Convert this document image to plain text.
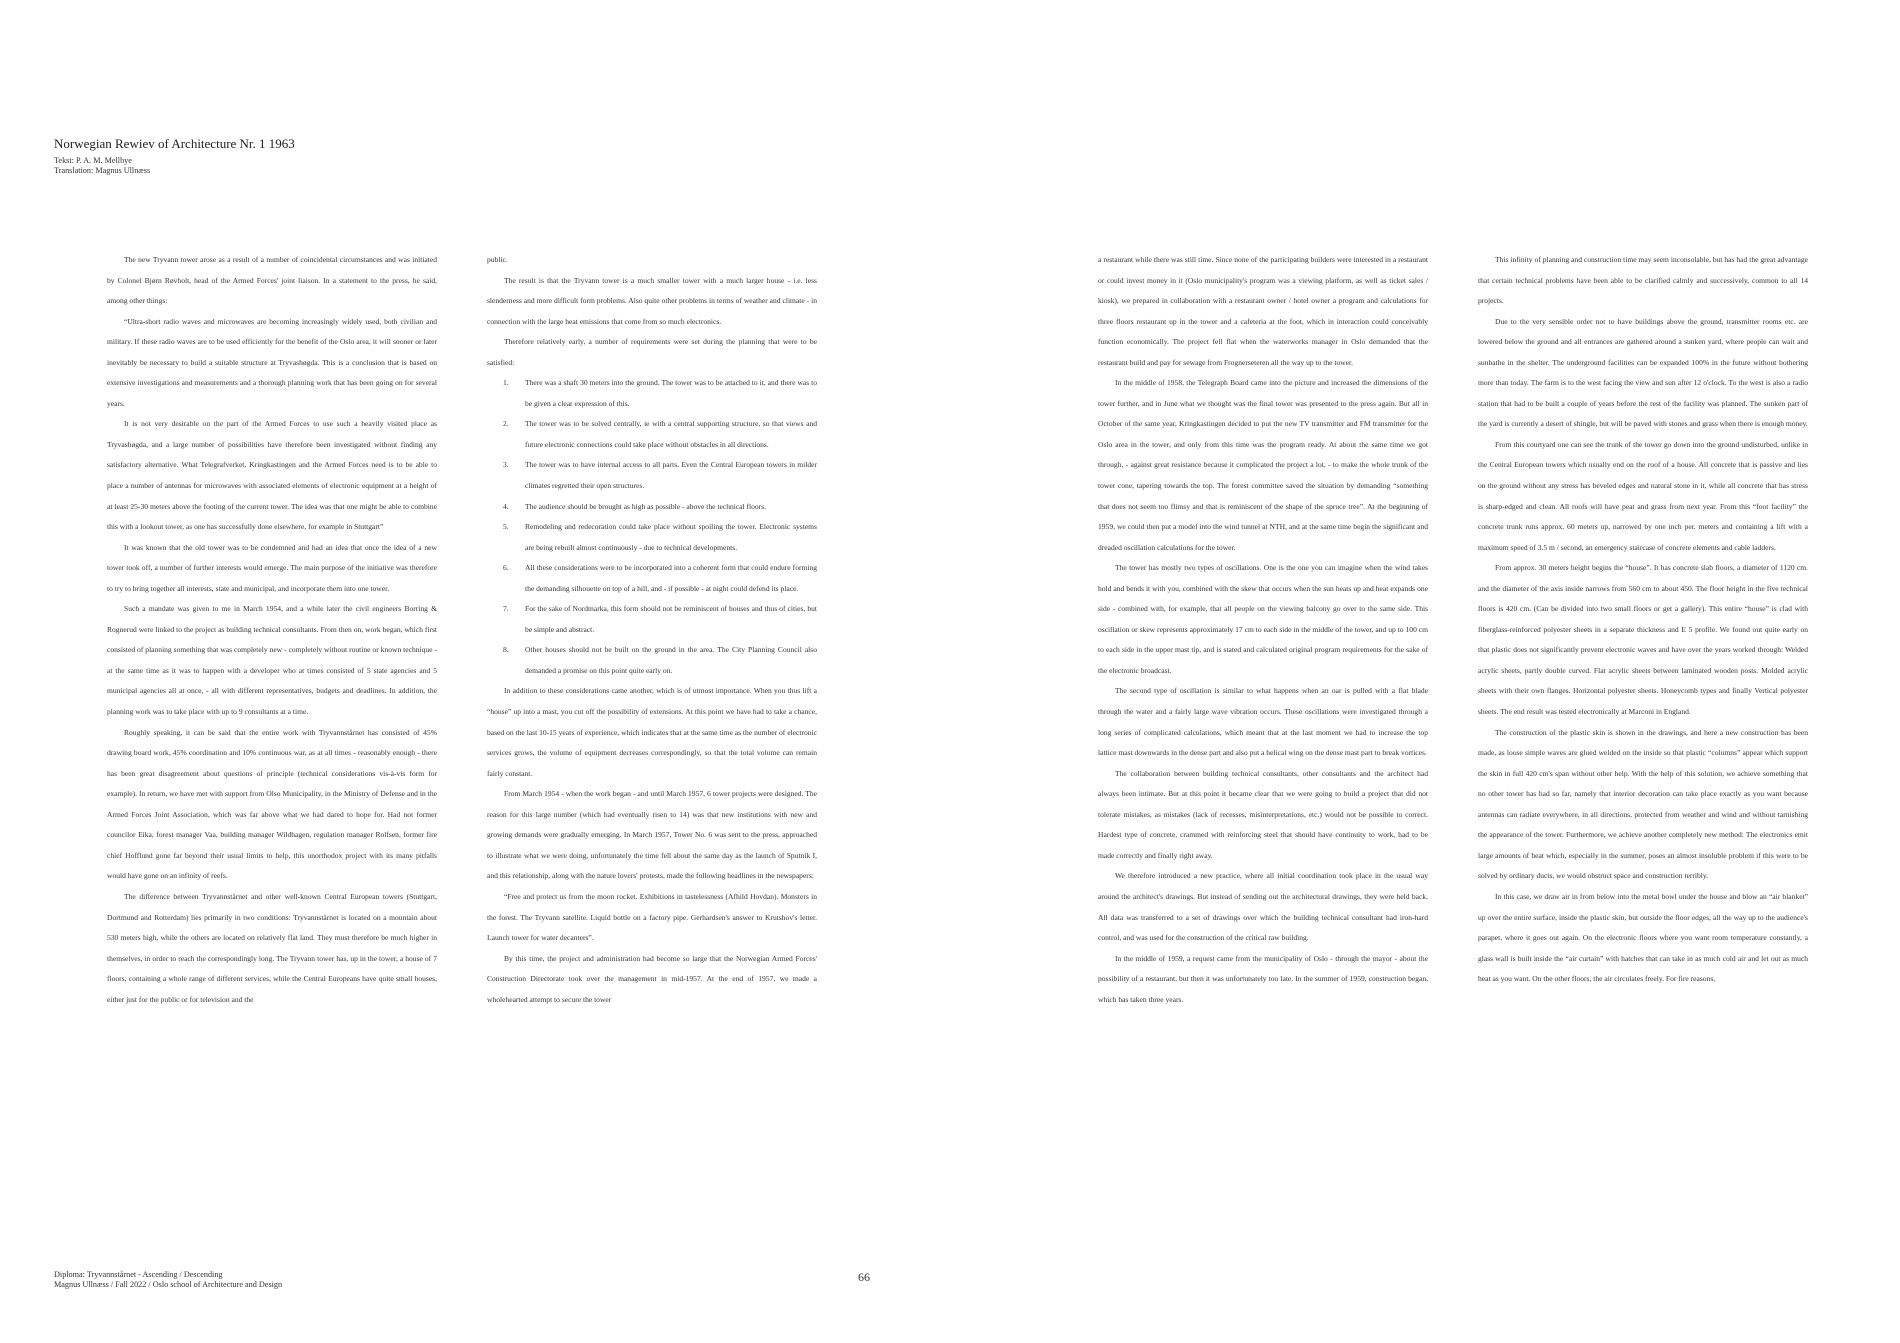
Norwegian Rewiev of Architecture Nr. 1 1963

Tekst: P. A. M. Mellbye

Translation: Magnus Ullnæss

The new Tryvann tower arose as a result of a number of coincidental circumstances and was initiated by Colonel Bjørn Røvholt, head of the Armed Forces' joint liaison. In a statement to the press, he said, among other things:

“Ultra-short radio waves and microwaves are becoming increasingly widely used, both civilian and military. If these radio waves are to be used efficiently for the benefit of the Oslo area, it will sooner or later inevitably be necessary to build a suitable structure at Tryvashøgda. This is a conclusion that is based on extensive investigations and measurements and a thorough planning work that has been going on for several years.

It is not very desirable on the part of the Armed Forces to use such a heavily visited place as Tryvashøgda, and a large number of possibilities have therefore been investigated without finding any satisfactory alternative. What Telegrafverket, Kringkastingen and the Armed Forces need is to be able to place a number of antennas for microwaves with associated elements of electronic equipment at a height of at least 25-30 meters above the footing of the current tower. The idea was that one might be able to combine this with a lookout tower, as one has successfully done elsewhere, for example in Stuttgart”

It was known that the old tower was to be condemned and had an idea that once the idea of a new tower took off, a number of further interests would emerge. The main purpose of the initiative was therefore to try to bring together all interests, state and municipal, and incorporate them into one tower.

Such a mandate was given to me in March 1954, and a while later the civil engineers Borring & Rognerud were linked to the project as building technical consultants. From then on, work began, which first consisted of planning something that was completely new - completely without routine or known technique - at the same time as it was to happen with a developer who at times consisted of 5 state agencies and 5 municipal agencies all at once, - all with different representatives, budgets and deadlines. In addition, the planning work was to take place with up to 9 consultants at a time.

Roughly speaking, it can be said that the entire work with Tryvannstårnet has consisted of 45% drawing board work, 45% coordination and 10% continuous war, as at all times - reasonably enough - there has been great disagreement about questions of principle (technical considerations vis-à-vis form for example). In return, we have met with support from Olso Municipality, in the Ministry of Defense and in the Armed Forces Joint Association, which was far above what we had dared to hope for. Had not former councilor Eika, forest manager Vaa, building manager Wildhagen, regulation manager Rolfsen, former fire chief Hofflund gone far beyond their usual limits to help, this unorthodox project with its many pitfalls would have gone on an infinity of reefs.

The difference between Tryvannstårnet and other well-known Central European towers (Stuttgart, Dortmund and Rotterdam) lies primarily in two conditions: Tryvannstårnet is located on a mountain about 530 meters high, while the others are located on relatively flat land. They must therefore be much higher in themselves, in order to reach the correspondingly long. The Tryvann tower has, up in the tower, a house of 7 floors, containing a whole range of different services, while the Central Europeans have quite small houses, either just for the public or for television and the

public.

The result is that the Tryvann tower is a much smaller tower with a much larger house - i.e. less slenderness and more difficult form problems. Also quite other problems in terms of weather and climate - in connection with the large heat emissions that come from so much electronics.

Therefore relatively early, a number of requirements were set during the planning that were to be satisfied:

1. There was a shaft 30 meters into the ground. The tower was to be attached to it, and there was to be given a clear expression of this.
2. The tower was to be solved centrally, ie with a central supporting structure, so that views and future electronic connections could take place without obstacles in all directions.
3. The tower was to have internal access to all parts. Even the Central European towers in milder climates regretted their open structures.
4. The audience should be brought as high as possible - above the technical floors.
5. Remodeling and redecoration could take place without spoiling the tower. Electronic systems are being rebuilt almost continuously - due to technical developments.
6. All these considerations were to be incorporated into a coherent form that could endure forming the demanding silhouette on top of a hill, and - if possible - at night could defend its place.
7. For the sake of Nordmarka, this form should not be reminiscent of houses and thus of cities, but be simple and abstract.
8. Other houses should not be built on the ground in the area. The City Planning Council also demanded a promise on this point quite early on.

In addition to these considerations came another, which is of utmost importance. When you thus lift a “house” up into a mast, you cut off the possibility of extensions. At this point we have had to take a chance, based on the last 10-15 years of experience, which indicates that at the same time as the number of electronic services grows, the volume of equipment decreases correspondingly, so that the total volume can remain fairly constant.

From March 1954 - when the work began - and until March 1957, 6 tower projects were designed. The reason for this large number (which had eventually risen to 14) was that new institutions with new and growing demands were gradually emerging. In March 1957, Tower No. 6 was sent to the press, approached to illustrate what we were doing, unfortunately the time fell about the same day as the launch of Sputnik I, and this relationship, along with the nature lovers' protests, made the following headlines in the newspapers:

“Free and protect us from the moon rocket. Exhibitions in tastelessness (Afhild Hovdan). Monsters in the forest. The Tryvann satellite. Liquid bottle on a factory pipe. Gerhardsen's answer to Krutshov's letter. Launch tower for water decanters”.

By this time, the project and administration had become so large that the Norwegian Armed Forces' Construction Directorate took over the management in mid-1957. At the end of 1957, we made a wholehearted attempt to secure the tower

a restaurant while there was still time. Since none of the participating builders were interested in a restaurant or could invest money in it (Oslo municipality's program was a viewing platform, as well as ticket sales / kiosk), we prepared in collaboration with a restaurant owner / hotel owner a program and calculations for three floors restaurant up in the tower and a cafeteria at the foot, which in interaction could conceivably function economically. The project fell flat when the waterworks manager in Oslo demanded that the restaurant build and pay for sewage from Frognerseteren all the way up to the tower.

In the middle of 1958, the Telegraph Board came into the picture and increased the dimensions of the tower further, and in June what we thought was the final tower was presented to the press again. But all in October of the same year, Kringkastingen decided to put the new TV transmitter and FM transmitter for the Oslo area in the tower, and only from this time was the program ready. At about the same time we got through, - against great resistance because it complicated the project a lot, - to make the whole trunk of the tower cone, tapering towards the top. The forest committee saved the situation by demanding “something that does not seem too flimsy and that is reminiscent of the shape of the spruce tree”. At the beginning of 1959, we could then put a model into the wind tunnel at NTH, and at the same time begin the significant and dreaded oscillation calculations for the tower.

The tower has mostly two types of oscillations. One is the one you can imagine when the wind takes hold and bends it with you, combined with the skew that occurs when the sun heats up and heat expands one side - combined with, for example, that all people on the viewing balcony go over to the same side. This oscillation or skew represents approximately 17 cm to each side in the middle of the tower, and up to 100 cm to each side in the upper mast tip, and is stated and calculated original program requirements for the sake of the electronic broadcast.

The second type of oscillation is similar to what happens when an oar is pulled with a flat blade through the water and a fairly large wave vibration occurs. These oscillations were investigated through a long series of complicated calculations, which meant that at the last moment we had to increase the top lattice mast downwards in the dense part and also put a helical wing on the dense mast part to break vortices.

The collaboration between building technical consultants, other consultants and the architect had always been intimate. But at this point it became clear that we were going to build a project that did not tolerate mistakes, as mistakes (lack of recesses, misinterpretations, etc.) would not be possible to correct. Hardest type of concrete, crammed with reinforcing steel that should have continuity to work, had to be made correctly and finally right away.

We therefore introduced a new practice, where all initial coordination took place in the usual way around the architect's drawings. But instead of sending out the architectural drawings, they were held back. All data was transferred to a set of drawings over which the building technical consultant had iron-hard control, and was used for the construction of the critical raw building.

In the middle of 1959, a request came from the municipality of Oslo - through the mayor - about the possibility of a restaurant, but then it was unfortunately too late. In the summer of 1959, construction began, which has taken three years.

This infinity of planning and construction time may seem inconsolable, but has had the great advantage that certain technical problems have been able to be clarified calmly and successively, common to all 14 projects.

Due to the very sensible order not to have buildings above the ground, transmitter rooms etc. are lowered below the ground and all entrances are gathered around a sunken yard, where people can wait and sunbathe in the shelter. The underground facilities can be expanded 100% in the future without bothering more than today. The farm is to the west facing the view and sun after 12 o'clock. To the west is also a radio station that had to be built a couple of years before the rest of the facility was planned. The sunken part of the yard is currently a desert of shingle, but will be paved with stones and grass when there is enough money.

From this courtyard one can see the trunk of the tower go down into the ground undisturbed, unlike in the Central European towers which usually end on the roof of a house. All concrete that is passive and lies on the ground without any stress has beveled edges and natural stone in it, while all concrete that has stress is sharp-edged and clean. All roofs will have peat and grass from next year. From this “foot facility” the concrete trunk runs approx. 60 meters up, narrowed by one inch per. meters and containing a lift with a maximum speed of 3.5 m / second, an emergency staircase of concrete elements and cable ladders.

From approx. 30 meters height begins the “house”. It has concrete slab floors, a diameter of 1120 cm. and the diameter of the axis inside narrows from 560 cm to about 450. The floor height in the five technical floors is 420 cm. (Can be divided into two small floors or get a gallery). This entire “house” is clad with fiberglass-reinforced polyester sheets in a separate thickness and E 5 profile. We found out quite early on that plastic does not significantly prevent electronic waves and have over the years worked through: Welded acrylic sheets, partly double curved. Flat acrylic sheets between laminated wooden posts. Molded acrylic sheets with their own flanges. Horizontal polyester sheets. Honeycomb types and finally Vertical polyester sheets. The end result was tested electronically at Marconi in England.

The construction of the plastic skin is shown in the drawings, and here a new construction has been made, as loose simple waves are glued welded on the inside so that plastic “columns” appear which support the skin in full 420 cm's span without other help. With the help of this solution, we achieve something that no other tower has had so far, namely that interior decoration can take place exactly as you want because antennas can radiate everywhere, in all directions, protected from weather and wind and without tarnishing the appearance of the tower. Furthermore, we achieve another completely new method: The electronics emit large amounts of heat which, especially in the summer, poses an almost insoluble problem if this were to be solved by ordinary ducts, we would obstruct space and construction terribly.

In this case, we draw air in from below into the metal bowl under the house and blow an “air blanket” up over the entire surface, inside the plastic skin, but outside the floor edges, all the way up to the audience's parapet, where it goes out again. On the electronic floors where you want room temperature constantly, a glass wall is built inside the “air curtain” with hatches that can take in as much cold air and let out as much heat as you want. On the other floors, the air circulates freely. For fire reasons,

Diploma: Tryvannstårnet - Ascending / Descending
Magnus Ullnæss / Fall 2022 / Oslo school of Architecture and Design
66
